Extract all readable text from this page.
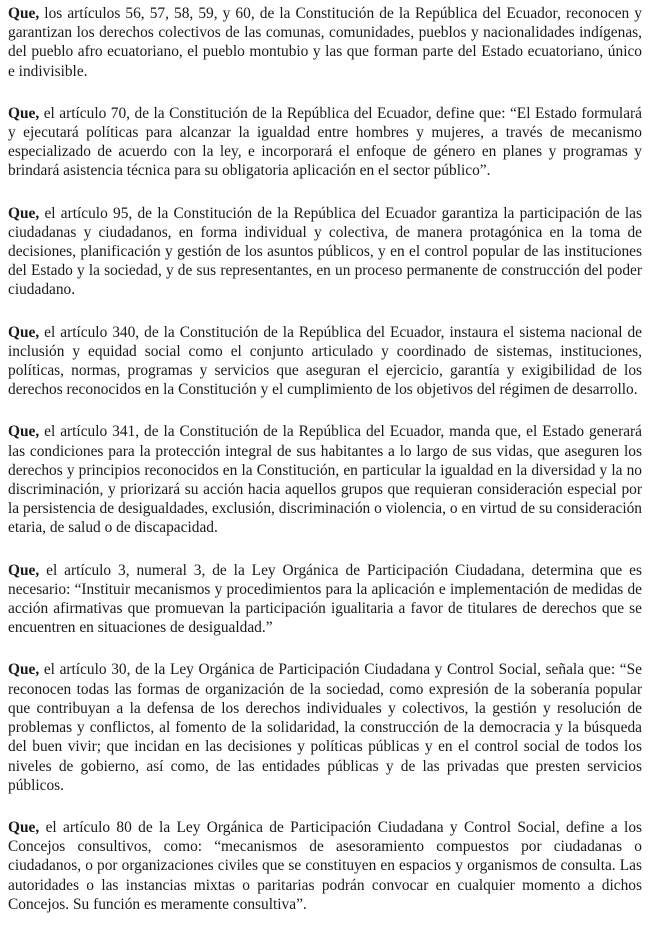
Que, los artículos 56, 57, 58, 59, y 60, de la Constitución de la República del Ecuador, reconocen y garantizan los derechos colectivos de las comunas, comunidades, pueblos y nacionalidades indígenas, del pueblo afro ecuatoriano, el pueblo montubio y las que forman parte del Estado ecuatoriano, único e indivisible.

Que, el artículo 70, de la Constitución de la República del Ecuador, define que: “El Estado formulará y ejecutará políticas para alcanzar la igualdad entre hombres y mujeres, a través de mecanismo especializado de acuerdo con la ley, e incorporará el enfoque de género en planes y programas y brindará asistencia técnica para su obligatoria aplicación en el sector público”.

Que, el artículo 95, de la Constitución de la República del Ecuador garantiza la participación de las ciudadanas y ciudadanos, en forma individual y colectiva, de manera protagónica en la toma de decisiones, planificación y gestión de los asuntos públicos, y en el control popular de las instituciones del Estado y la sociedad, y de sus representantes, en un proceso permanente de construcción del poder ciudadano.

Que, el artículo 340, de la Constitución de la República del Ecuador, instaura el sistema nacional de inclusión y equidad social como el conjunto articulado y coordinado de sistemas, instituciones, políticas, normas, programas y servicios que aseguran el ejercicio, garantía y exigibilidad de los derechos reconocidos en la Constitución y el cumplimiento de los objetivos del régimen de desarrollo.

Que, el artículo 341, de la Constitución de la República del Ecuador, manda que, el Estado generará las condiciones para la protección integral de sus habitantes a lo largo de sus vidas, que aseguren los derechos y principios reconocidos en la Constitución, en particular la igualdad en la diversidad y la no discriminación, y priorizará su acción hacia aquellos grupos que requieran consideración especial por la persistencia de desigualdades, exclusión, discriminación o violencia, o en virtud de su consideración etaria, de salud o de discapacidad.

Que, el artículo 3, numeral 3, de la Ley Orgánica de Participación Ciudadana, determina que es necesario: “Instituir mecanismos y procedimientos para la aplicación e implementación de medidas de acción afirmativas que promuevan la participación igualitaria a favor de titulares de derechos que se encuentren en situaciones de desigualdad.”

Que, el artículo 30, de la Ley Orgánica de Participación Ciudadana y Control Social, señala que: “Se reconocen todas las formas de organización de la sociedad, como expresión de la soberanía popular que contribuyan a la defensa de los derechos individuales y colectivos, la gestión y resolución de problemas y conflictos, al fomento de la solidaridad, la construcción de la democracia y la búsqueda del buen vivir; que incidan en las decisiones y políticas públicas y en el control social de todos los niveles de gobierno, así como, de las entidades públicas y de las privadas que presten servicios públicos.

Que, el artículo 80 de la Ley Orgánica de Participación Ciudadana y Control Social, define a los Concejos consultivos, como: “mecanismos de asesoramiento compuestos por ciudadanas o ciudadanos, o por organizaciones civiles que se constituyen en espacios y organismos de consulta. Las autoridades o las instancias mixtas o paritarias podrán convocar en cualquier momento a dichos Concejos. Su función es meramente consultiva”.
